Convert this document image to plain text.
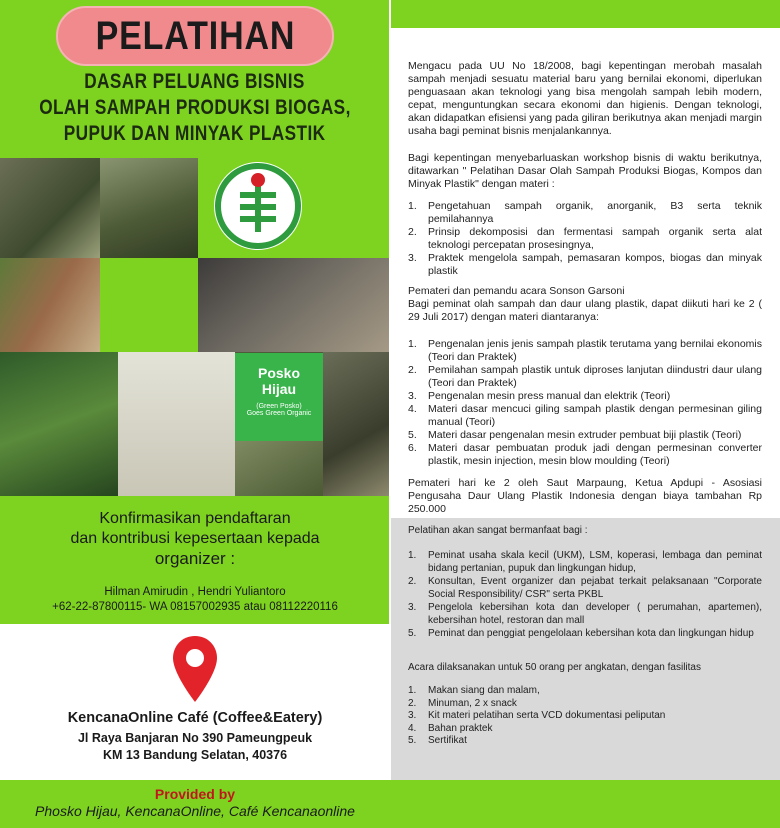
PELATIHAN
DASAR PELUANG BISNIS
OLAH SAMPAH PRODUKSI BIOGAS,
PUPUK DAN MINYAK PLASTIK
Posko
Hijau
(Green Posko)
Goes Green Organic
Konfirmasikan pendaftaran
dan kontribusi kepesertaan kepada
organizer :
Hilman Amirudin , Hendri Yuliantoro
+62-22-87800115- WA 08157002935 atau 08112220116
KencanaOnline Café (Coffee&Eatery)
Jl Raya Banjaran No 390 Pameungpeuk
KM 13 Bandung Selatan, 40376

Mengacu pada UU No 18/2008, bagi kepentingan merobah masalah sampah menjadi sesuatu material baru yang bernilai ekonomi, diperlukan penguasaan akan teknologi yang bisa mengolah sampah lebih modern, cepat, menguntungkan secara ekonomi dan higienis. Dengan teknologi, akan didapatkan efisiensi yang pada giliran berikutnya akan menjadi margin usaha bagi peminat bisnis menjalankannya.

Bagi kepentingan menyebarluaskan workshop bisnis di waktu berikutnya, ditawarkan " Pelatihan Dasar Olah Sampah Produksi Biogas, Kompos dan Minyak Plastik" dengan materi :

1. Pengetahuan sampah organik, anorganik, B3 serta teknik pemilahannya
2. Prinsip dekomposisi dan fermentasi sampah organik serta alat teknologi percepatan prosesingnya,
3. Praktek mengelola sampah, pemasaran kompos, biogas dan minyak plastik
Pemateri dan pemandu acara Sonson Garsoni

Bagi peminat olah sampah dan daur ulang plastik, dapat diikuti hari ke 2 ( 29 Juli 2017) dengan materi diantaranya:

1. Pengenalan jenis jenis sampah plastik terutama yang bernilai ekonomis (Teori dan Praktek)
2. Pemilahan sampah plastik untuk diproses lanjutan diindustri daur ulang (Teori dan Praktek)
3. Pengenalan mesin press manual dan elektrik (Teori)
4. Materi dasar mencuci giling sampah plastik dengan permesinan giling manual (Teori)
5. Materi dasar pengenalan mesin extruder pembuat biji plastik (Teori)
6. Materi dasar pembuatan produk jadi dengan permesinan converter plastik, mesin injection, mesin blow moulding (Teori)

Pemateri hari ke 2 oleh Saut Marpaung, Ketua Apdupi - Asosiasi Pengusaha Daur Ulang Plastik Indonesia dengan biaya tambahan Rp 250.000

Pelatihan akan sangat bermanfaat bagi :
1. Peminat usaha skala kecil (UKM), LSM, koperasi, lembaga dan peminat bidang pertanian, pupuk dan lingkungan hidup,
2. Konsultan, Event organizer dan pejabat terkait pelaksanaan "Corporate Social Responsibility/ CSR" serta PKBL
3. Pengelola kebersihan kota dan developer ( perumahan, apartemen), kebersihan hotel, restoran dan mall
5. Peminat dan penggiat pengelolaan kebersihan kota dan lingkungan hidup
Acara dilaksanakan untuk 50 orang per angkatan, dengan fasilitas
1. Makan siang dan malam,
2. Minuman, 2 x snack
3. Kit materi pelatihan serta VCD dokumentasi peliputan
4. Bahan praktek
5. Sertifikat
Provided by
Phosko Hijau, KencanaOnline, Café Kencanaonline
